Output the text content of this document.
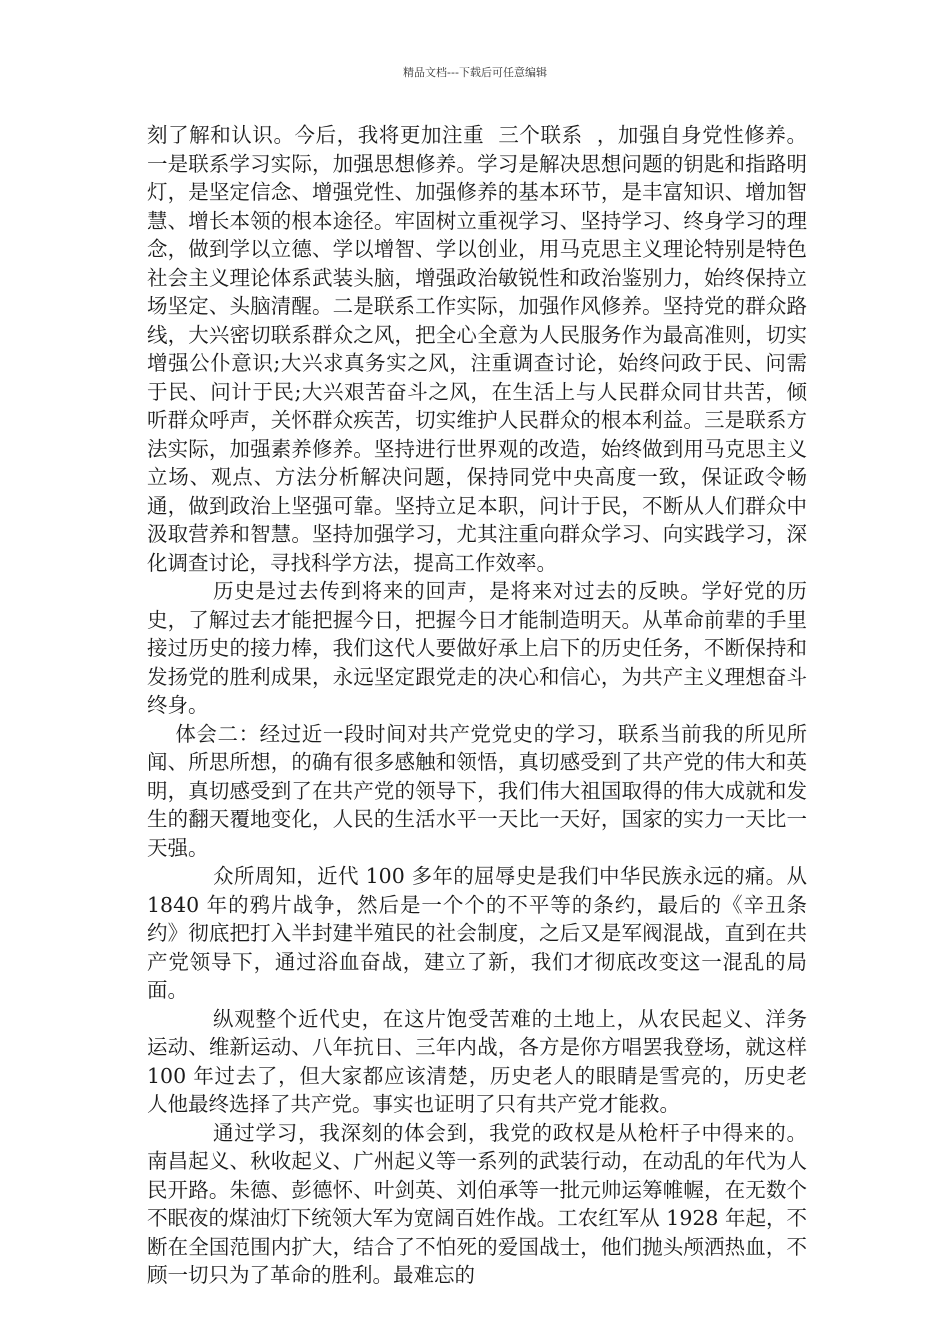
精品文档---下载后可任意编辑

刻了解和认识。今后，我将更加注重  三个联系  ，加强自身党性修养。一是联系学习实际，加强思想修养。学习是解决思想问题的钥匙和指路明灯，是坚定信念、增强党性、加强修养的基本环节，是丰富知识、增加智慧、增长本领的根本途径。牢固树立重视学习、坚持学习、终身学习的理念，做到学以立德、学以增智、学以创业，用马克思主义理论特别是特色社会主义理论体系武装头脑，增强政治敏锐性和政治鉴别力，始终保持立场坚定、头脑清醒。二是联系工作实际，加强作风修养。坚持党的群众路线，大兴密切联系群众之风，把全心全意为人民服务作为最高准则，切实增强公仆意识;大兴求真务实之风，注重调查讨论，始终问政于民、问需于民、问计于民;大兴艰苦奋斗之风，在生活上与人民群众同甘共苦，倾听群众呼声，关怀群众疾苦，切实维护人民群众的根本利益。三是联系方法实际，加强素养修养。坚持进行世界观的改造，始终做到用马克思主义立场、观点、方法分析解决问题，保持同党中央高度一致，保证政令畅通，做到政治上坚强可靠。坚持立足本职，问计于民，不断从人们群众中汲取营养和智慧。坚持加强学习，尤其注重向群众学习、向实践学习，深化调查讨论，寻找科学方法，提高工作效率。

历史是过去传到将来的回声，是将来对过去的反映。学好党的历史，了解过去才能把握今日，把握今日才能制造明天。从革命前辈的手里接过历史的接力棒，我们这代人要做好承上启下的历史任务，不断保持和发扬党的胜利成果，永远坚定跟党走的决心和信心，为共产主义理想奋斗终身。

体会二：经过近一段时间对共产党党史的学习，联系当前我的所见所闻、所思所想，的确有很多感触和领悟，真切感受到了共产党的伟大和英明，真切感受到了在共产党的领导下，我们伟大祖国取得的伟大成就和发生的翻天覆地变化，人民的生活水平一天比一天好，国家的实力一天比一天强。

众所周知，近代 100 多年的屈辱史是我们中华民族永远的痛。从 1840 年的鸦片战争，然后是一个个的不平等的条约，最后的《辛丑条约》彻底把打入半封建半殖民的社会制度，之后又是军阀混战，直到在共产党领导下，通过浴血奋战，建立了新，我们才彻底改变这一混乱的局面。

纵观整个近代史，在这片饱受苦难的土地上，从农民起义、洋务运动、维新运动、八年抗日、三年内战，各方是你方唱罢我登场，就这样 100 年过去了，但大家都应该清楚，历史老人的眼睛是雪亮的，历史老人他最终选择了共产党。事实也证明了只有共产党才能救。

通过学习，我深刻的体会到，我党的政权是从枪杆子中得来的。南昌起义、秋收起义、广州起义等一系列的武装行动，在动乱的年代为人民开路。朱德、彭德怀、叶剑英、刘伯承等一批元帅运筹帷幄，在无数个不眠夜的煤油灯下统领大军为宽阔百姓作战。工农红军从 1928 年起，不断在全国范围内扩大，结合了不怕死的爱国战士，他们抛头颅洒热血，不顾一切只为了革命的胜利。最难忘的
